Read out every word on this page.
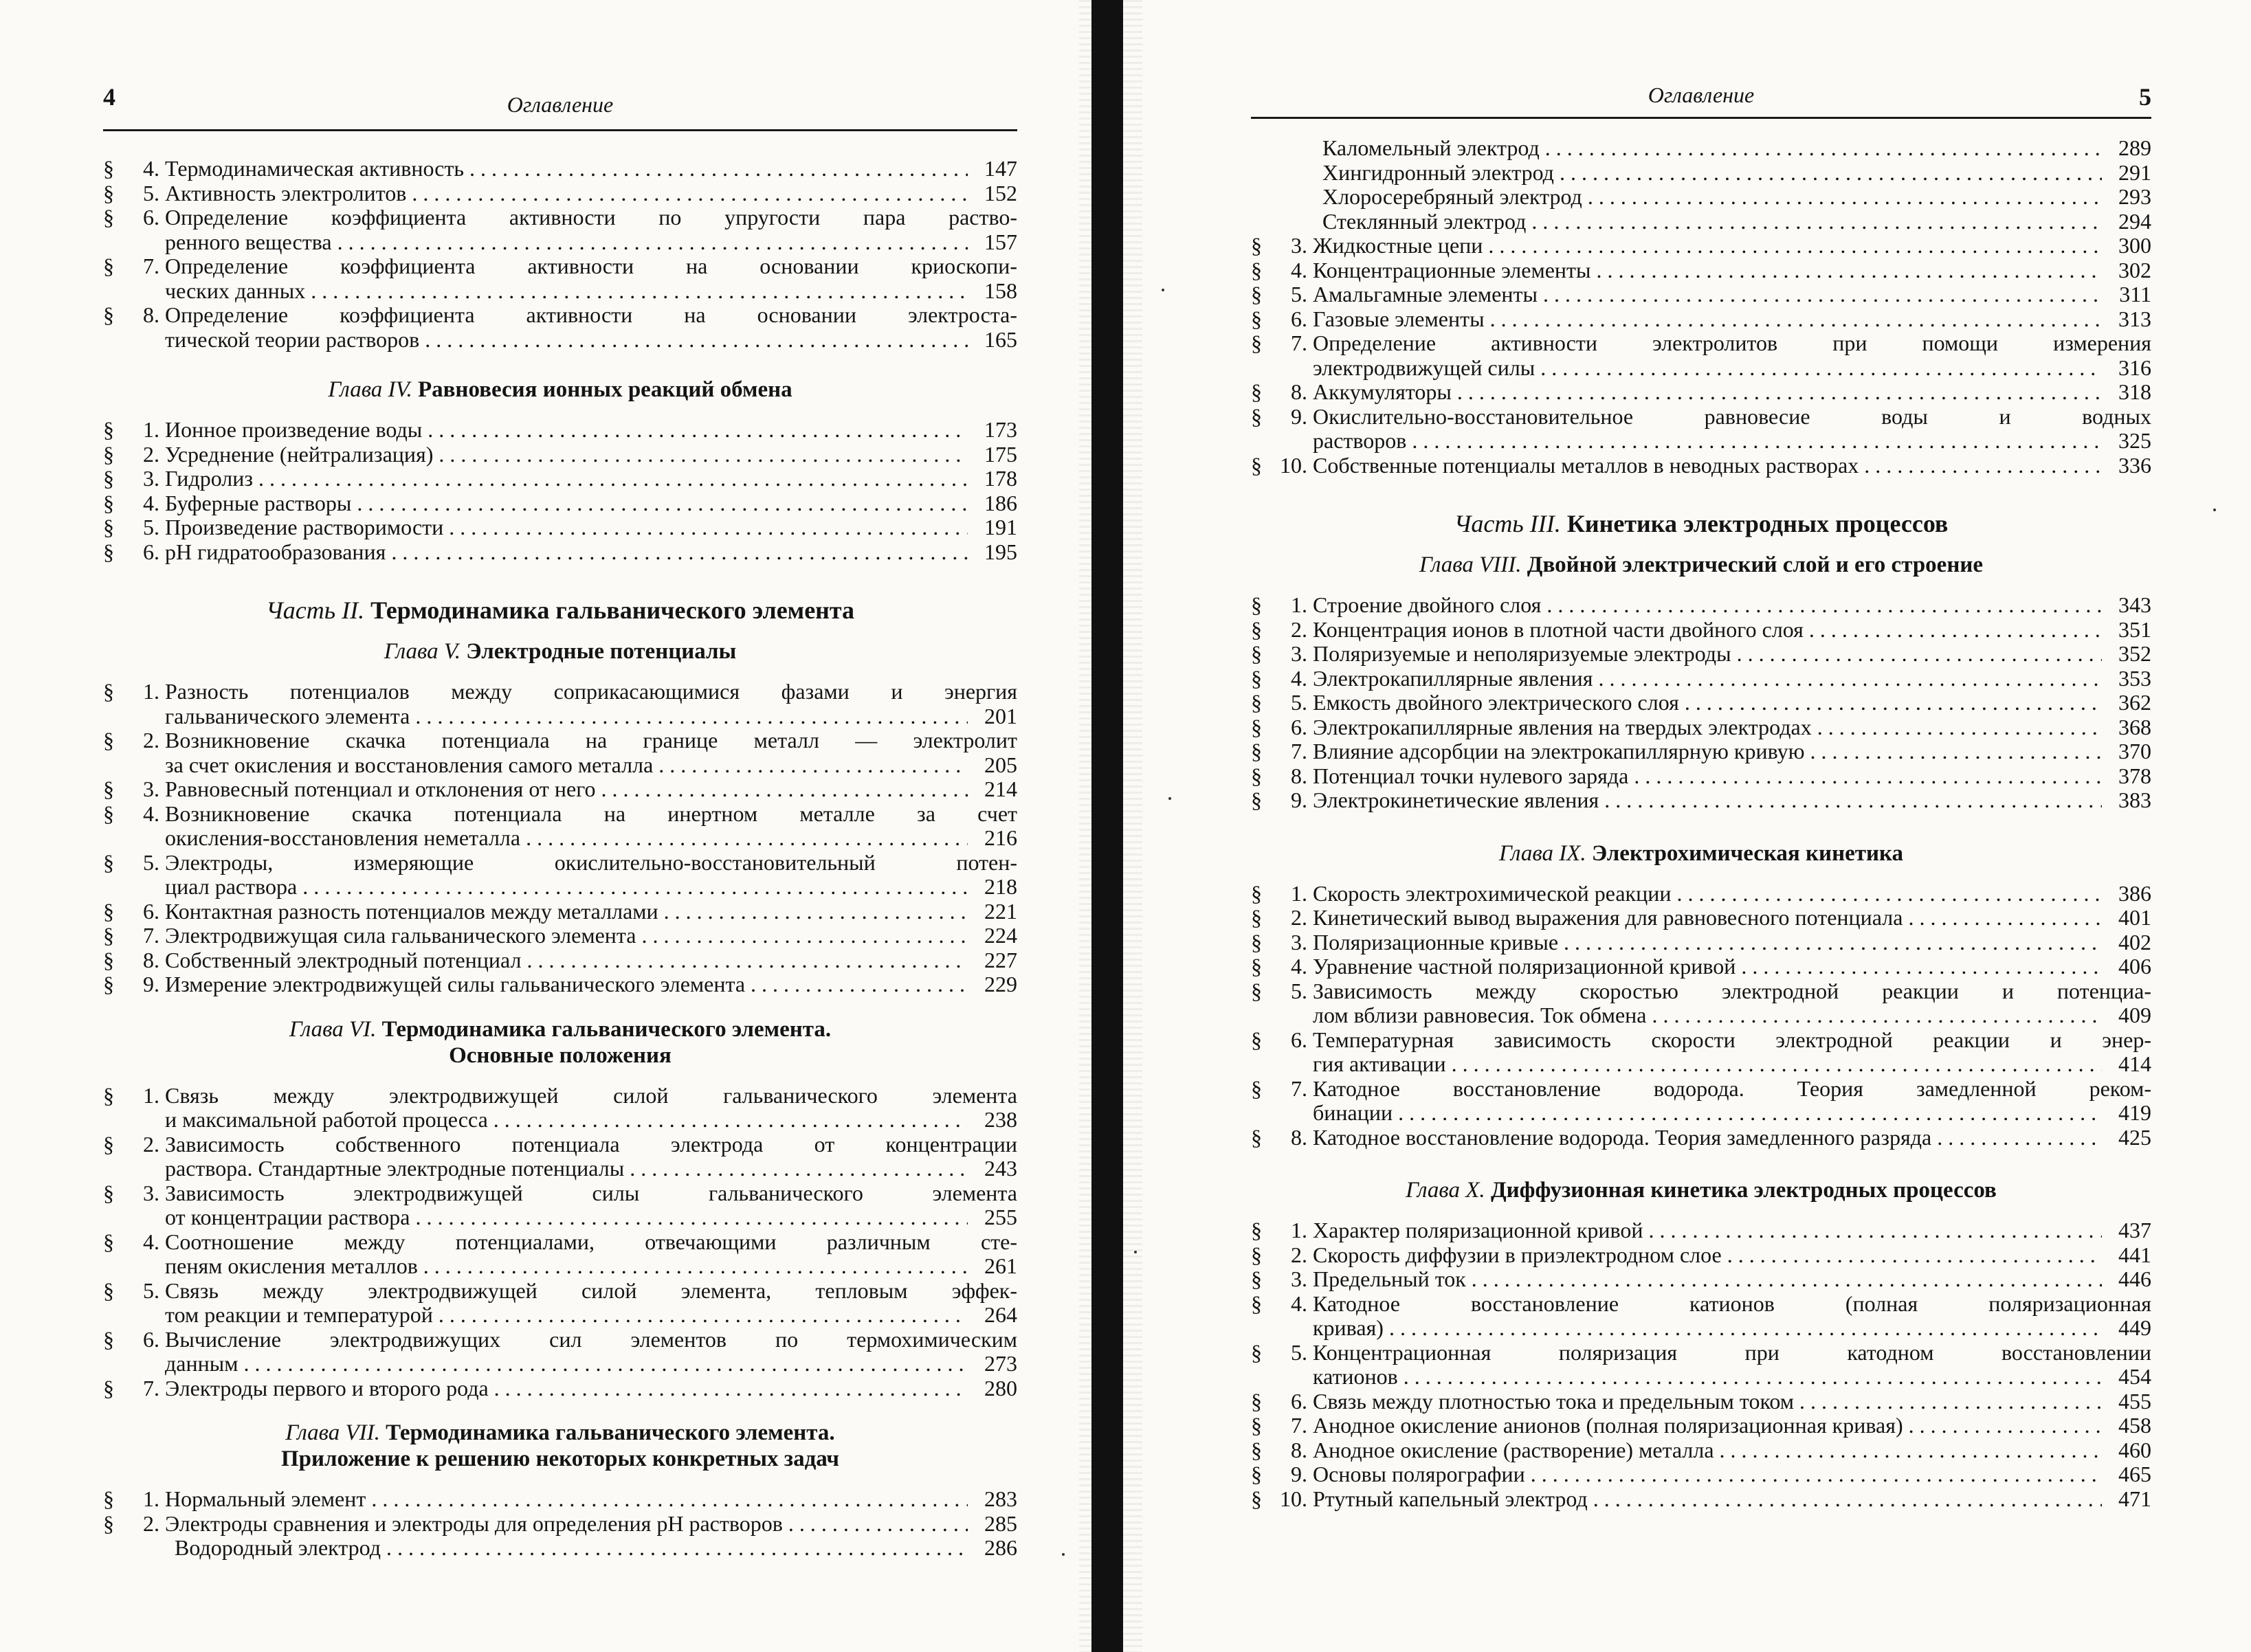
4	Оглавление
§	4. Термодинамическая активность . . .	147
§	5. Активность электролитов . . .	152
§	6. Определение коэффициента активности по упругости пара раство-
ренного вещества . . .	157
§	7. Определение коэффициента активности на основании криоскопи-
ческих данных . . .	158
§	8. Определение коэффициента активности на основании электроста-
тической теории растворов . . .	165
Глава IV. Равновесия ионных реакций обмена
§	1. Ионное произведение воды . . .	173
§	2. Усреднение (нейтрализация) . . .	175
§	3. Гидролиз . . .	178
§	4. Буферные растворы . . .	186
§	5. Произведение растворимости . . .	191
§	6. pH гидратообразования . . .	195
Часть II. Термодинамика гальванического элемента
Глава V. Электродные потенциалы
§	1. Разность потенциалов между соприкасающимися фазами и энергия
гальванического элемента . . .	201
§	2. Возникновение скачка потенциала на границе металл — электролит
за счет окисления и восстановления самого металла . . .	205
§	3. Равновесный потенциал и отклонения от него . . .	214
§	4. Возникновение скачка потенциала на инертном металле за счет
окисления-восстановления неметалла . . .	216
§	5. Электроды, измеряющие окислительно-восстановительный потен-
циал раствора . . .	218
§	6. Контактная разность потенциалов между металлами . . .	221
§	7. Электродвижущая сила гальванического элемента . . .	224
§	8. Собственный электродный потенциал . . .	227
§	9. Измерение электродвижущей силы гальванического элемента . . .	229
Глава VI. Термодинамика гальванического элемента.
Основные положения
§	1. Связь между электродвижущей силой гальванического элемента
и максимальной работой процесса . . .	238
§	2. Зависимость собственного потенциала электрода от концентрации
раствора. Стандартные электродные потенциалы . . .	243
§	3. Зависимость электродвижущей силы гальванического элемента
от концентрации раствора . . .	255
§	4. Соотношение между потенциалами, отвечающими различным сте-
пеням окисления металлов . . .	261
§	5. Связь между электродвижущей силой элемента, тепловым эффек-
том реакции и температурой . . .	264
§	6. Вычисление электродвижущих сил элементов по термохимическим
данным . . .	273
§	7. Электроды первого и второго рода . . .	280
Глава VII. Термодинамика гальванического элемента.
Приложение к решению некоторых конкретных задач
§	1. Нормальный элемент . . .	283
§	2. Электроды сравнения и электроды для определения pH растворов . . .	285
Водородный электрод . . .	286
Оглавление	5
Каломельный электрод . . .	289
Хингидронный электрод . . .	291
Хлоросеребряный электрод . . .	293
Стеклянный электрод . . .	294
§	3. Жидкостные цепи . . .	300
§	4. Концентрационные элементы . . .	302
§	5. Амальгамные элементы . . .	311
§	6. Газовые элементы . . .	313
§	7. Определение активности электролитов при помощи измерения
электродвижущей силы . . .	316
§	8. Аккумуляторы . . .	318
§	9. Окислительно-восстановительное равновесие воды и водных
растворов . . .	325
§ 10. Собственные потенциалы металлов в неводных растворах . . .	336
Часть III. Кинетика электродных процессов
Глава VIII. Двойной электрический слой и его строение
§	1. Строение двойного слоя . . .	343
§	2. Концентрация ионов в плотной части двойного слоя . . .	351
§	3. Поляризуемые и неполяризуемые электроды . . .	352
§	4. Электрокапиллярные явления . . .	353
§	5. Емкость двойного электрического слоя . . .	362
§	6. Электрокапиллярные явления на твердых электродах . . .	368
§	7. Влияние адсорбции на электрокапиллярную кривую . . .	370
§	8. Потенциал точки нулевого заряда . . .	378
§	9. Электрокинетические явления . . .	383
Глава IX. Электрохимическая кинетика
§	1. Скорость электрохимической реакции . . .	386
§	2. Кинетический вывод выражения для равновесного потенциала . . .	401
§	3. Поляризационные кривые . . .	402
§	4. Уравнение частной поляризационной кривой . . .	406
§	5. Зависимость между скоростью электродной реакции и потенциа-
лом вблизи равновесия. Ток обмена . . .	409
§	6. Температурная зависимость скорости электродной реакции и энер-
гия активации . . .	414
§	7. Катодное восстановление водорода. Теория замедленной реком-
бинации . . .	419
§	8. Катодное восстановление водорода. Теория замедленного разряда . . .	425
Глава X. Диффузионная кинетика электродных процессов
§	1. Характер поляризационной кривой . . .	437
§	2. Скорость диффузии в приэлектродном слое . . .	441
§	3. Предельный ток . . .	446
§	4. Катодное восстановление катионов (полная поляризационная
кривая) . . .	449
§	5. Концентрационная поляризация при катодном восстановлении
катионов . . .	454
§	6. Связь между плотностью тока и предельным током . . .	455
§	7. Анодное окисление анионов (полная поляризационная кривая) . . .	458
§	8. Анодное окисление (растворение) металла . . .	460
§	9. Основы полярографии . . .	465
§ 10. Ртутный капельный электрод . . .	471
